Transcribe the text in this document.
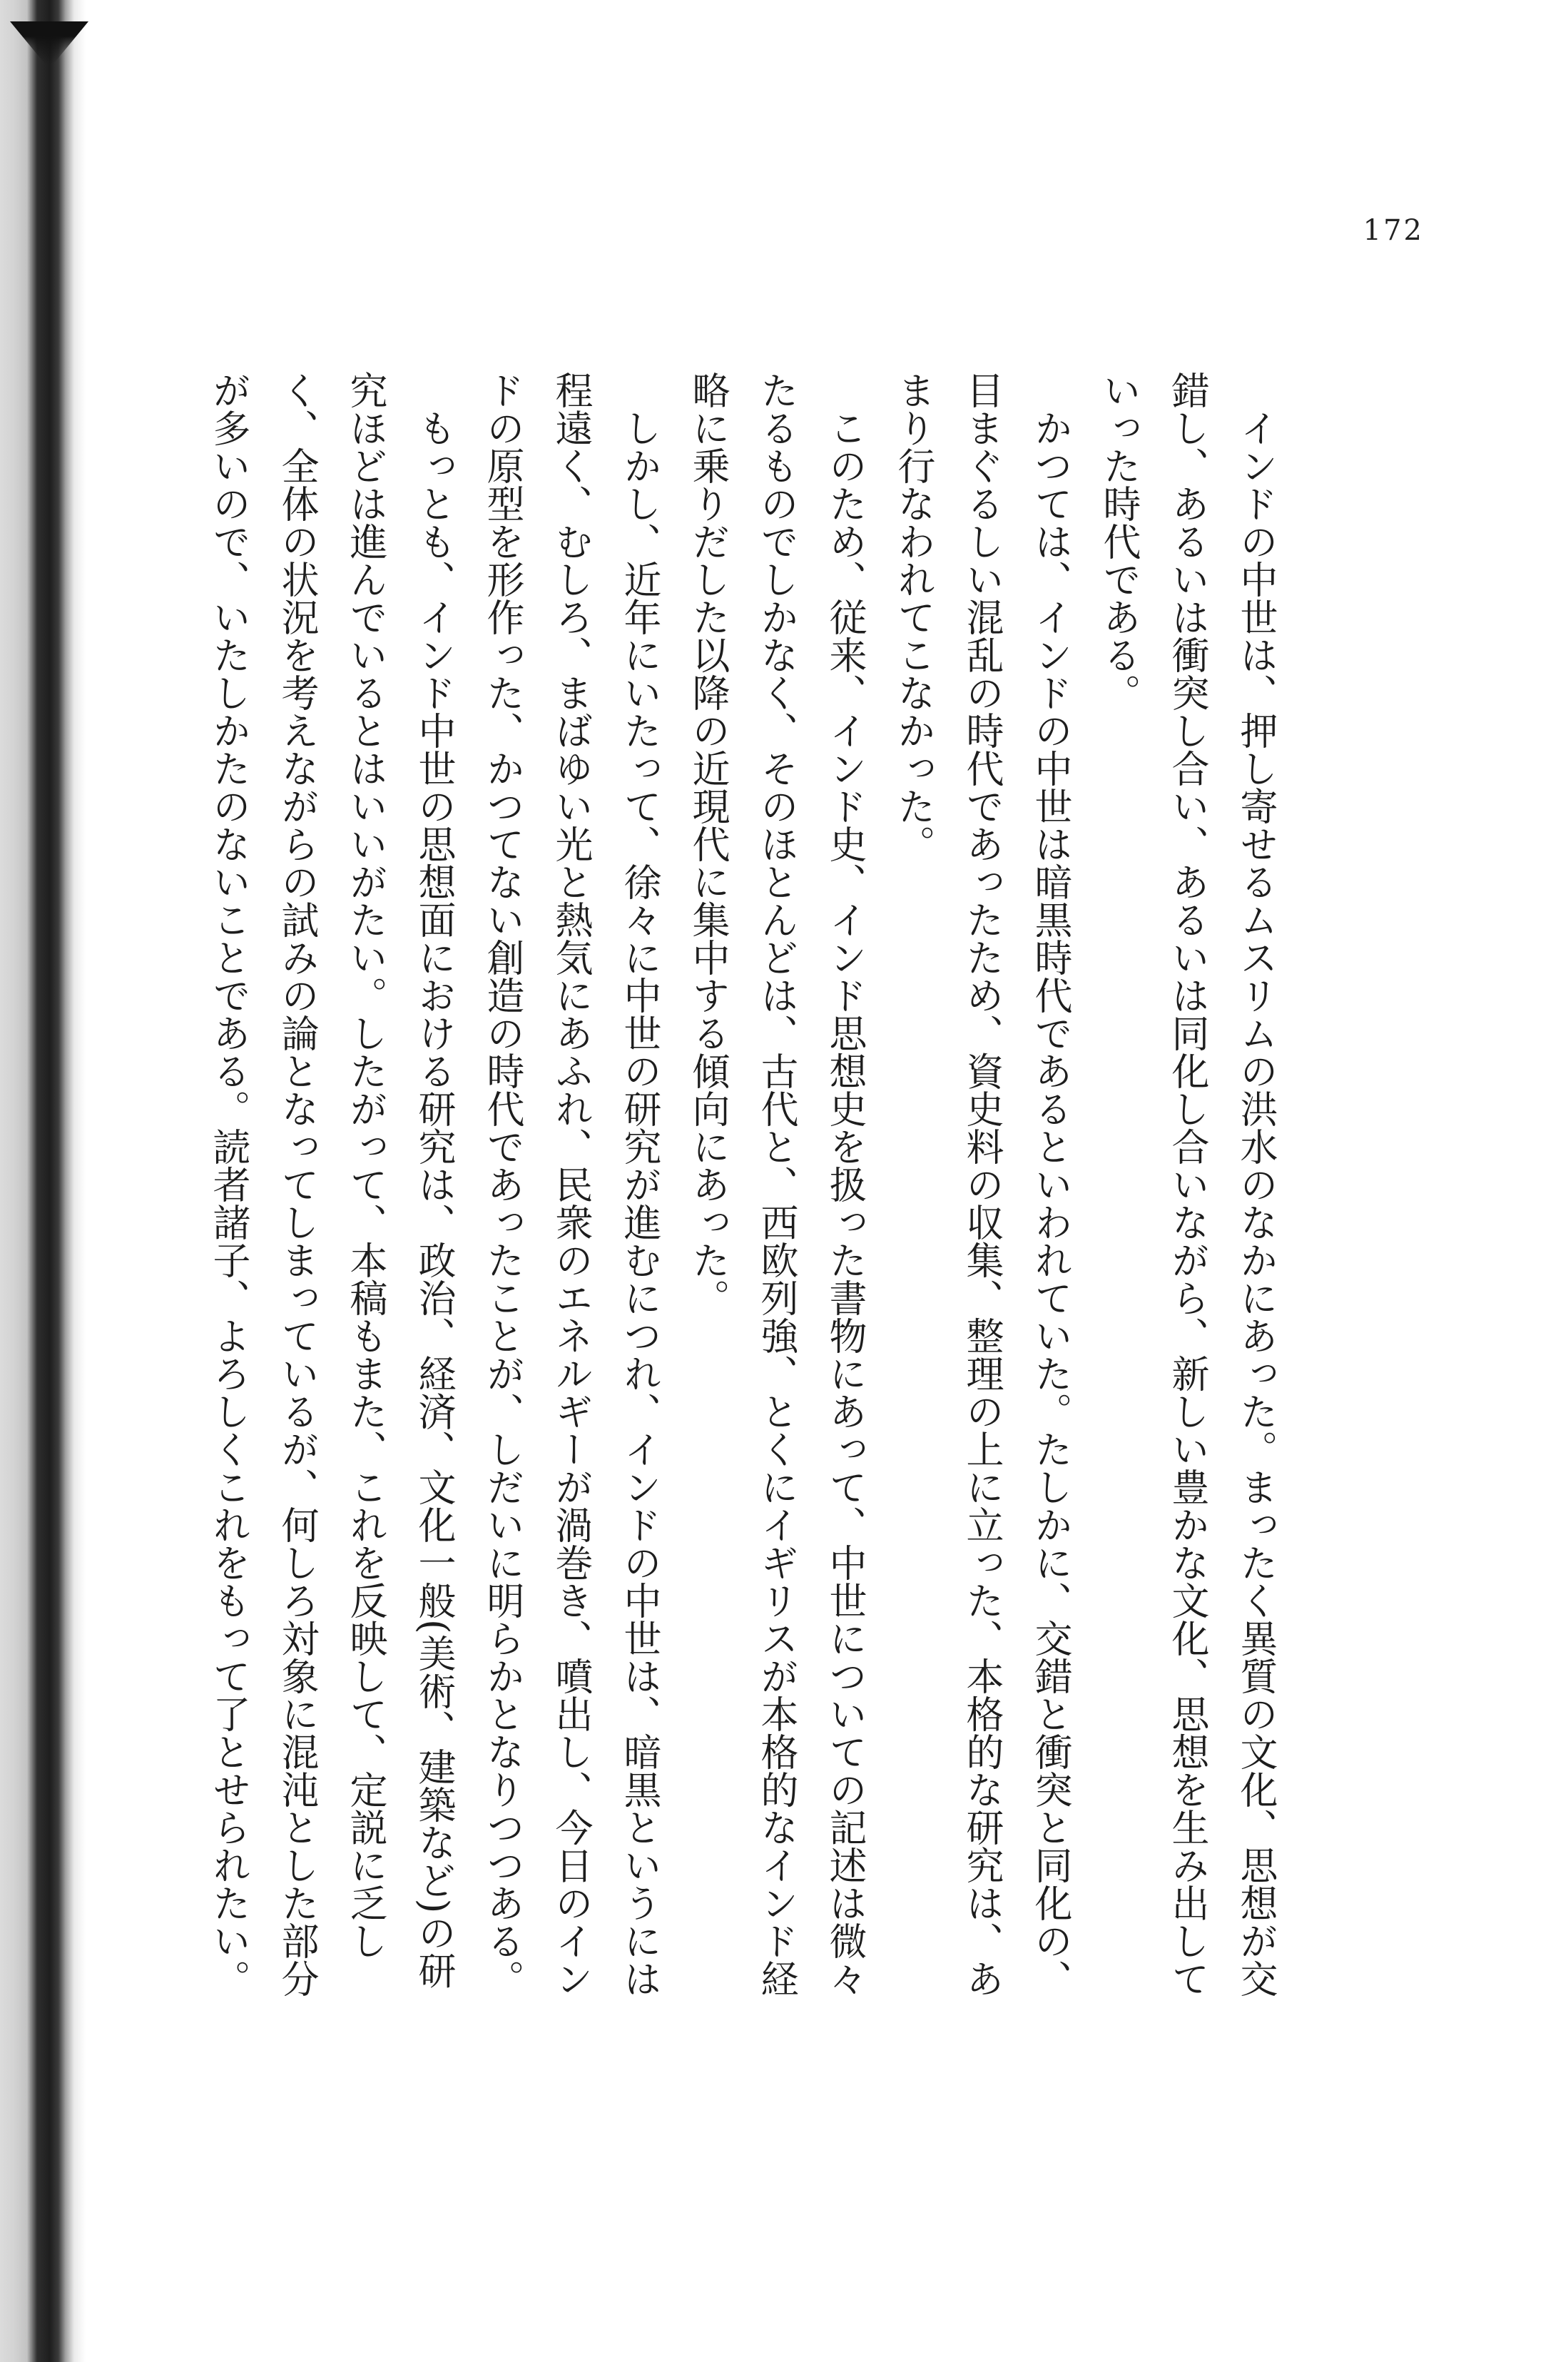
172

インドの中世は、押し寄せるムスリムの洪水のなかにあった。まったく異質の文化、思想が交錯し、あるいは衝突し合い、あるいは同化し合いながら、新しい豊かな文化、思想を生み出していった時代である。

かつては、インドの中世は暗黒時代であるといわれていた。たしかに、交錯と衝突と同化の、目まぐるしい混乱の時代であったため、資史料の収集、整理の上に立った、本格的な研究は、あまり行なわれてこなかった。

このため、従来、インド史、インド思想史を扱った書物にあって、中世についての記述は微々たるものでしかなく、そのほとんどは、古代と、西欧列強、とくにイギリスが本格的なインド経略に乗りだした以降の近現代に集中する傾向にあった。

しかし、近年にいたって、徐々に中世の研究が進むにつれ、インドの中世は、暗黒というには程遠く、むしろ、まばゆい光と熱気にあふれ、民衆のエネルギーが渦巻き、噴出し、今日のインドの原型を形作った、かつてない創造の時代であったことが、しだいに明らかとなりつつある。

もっとも、インド中世の思想面における研究は、政治、経済、文化一般(美術、建築など)の研究ほどは進んでいるとはいいがたい。したがって、本稿もまた、これを反映して、定説に乏しく、全体の状況を考えながらの試みの論となってしまっているが、何しろ対象に混沌とした部分が多いので、いたしかたのないことである。読者諸子、よろしくこれをもって了とせられたい。
